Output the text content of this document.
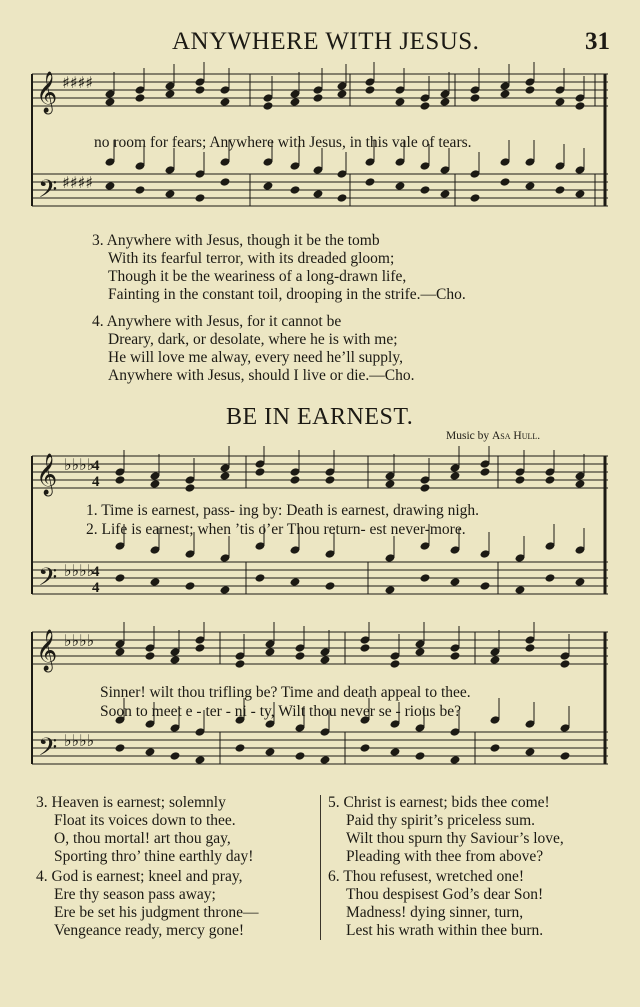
ANYWHERE WITH JESUS.	31
𝄞
𝄢
♯♯♯♯
♯♯♯♯
no room for fears; Anywhere with Jesus, in this vale of tears.
3. Anywhere with Jesus, though it be the tomb
With its fearful terror, with its dreaded gloom;
Though it be the weariness of a long-drawn life,
Fainting in the constant toil, drooping in the strife.—Cho.
4. Anywhere with Jesus, for it cannot be
Dreary, dark, or desolate, where he is with me;
He will love me alway, every need he’ll supply,
Anywhere with Jesus, should I live or die.—Cho.
BE IN EARNEST.
Music by Asa Hull.
𝄞
𝄢
♭♭♭♭
♭♭♭♭
4
4
4
4
1. Time is earnest, pass- ing by: Death is earnest, drawing nigh.
2. Life is earnest; when ’tis o’er Thou return- est never-more.
𝄞
𝄢
♭♭♭♭
♭♭♭♭
Sinner! wilt thou trifling be? Time and death appeal to thee.
Soon to meet e - ter - ni - ty, Wilt thou never se - rious be?
3. Heaven is earnest; solemnly
Float its voices down to thee.
O, thou mortal! art thou gay,
Sporting thro’ thine earthly day!
4. God is earnest; kneel and pray,
Ere thy season pass away;
Ere be set his judgment throne—
Vengeance ready, mercy gone!
5. Christ is earnest; bids thee come!
Paid thy spirit’s priceless sum.
Wilt thou spurn thy Saviour’s love,
Pleading with thee from above?
6. Thou refusest, wretched one!
Thou despisest God’s dear Son!
Madness! dying sinner, turn,
Lest his wrath within thee burn.
